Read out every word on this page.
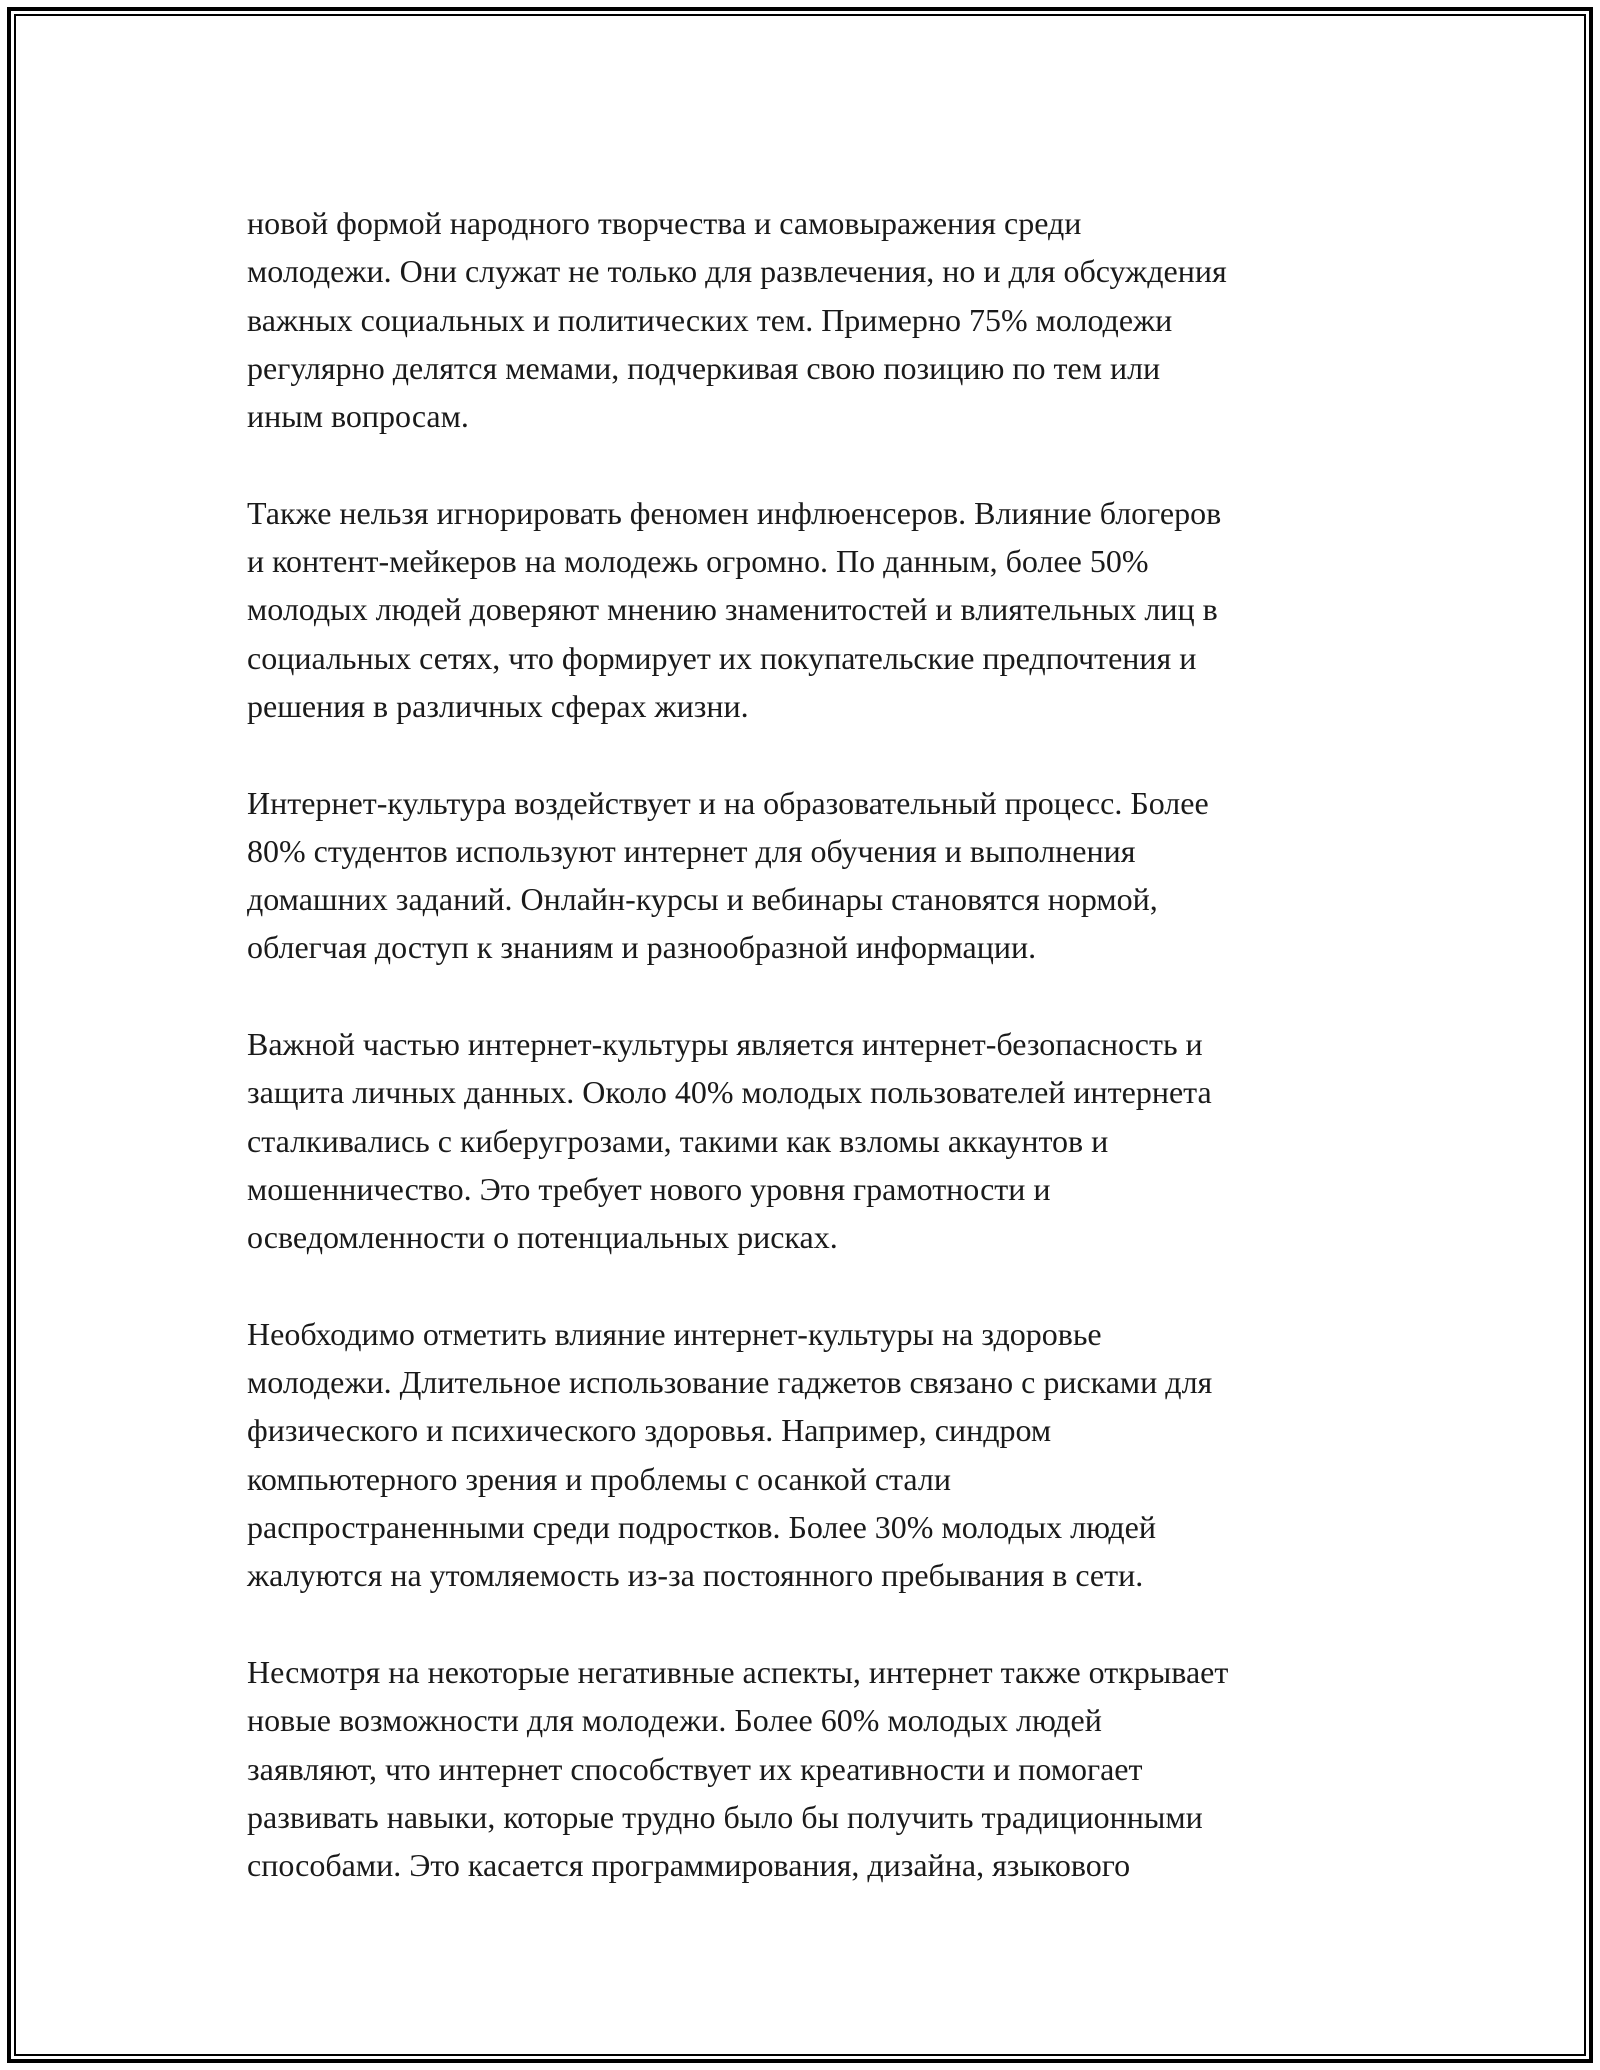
новой формой народного творчества и самовыражения среди
молодежи. Они служат не только для развлечения, но и для обсуждения
важных социальных и политических тем. Примерно 75% молодежи
регулярно делятся мемами, подчеркивая свою позицию по тем или
иным вопросам.

Также нельзя игнорировать феномен инфлюенсеров. Влияние блогеров
и контент-мейкеров на молодежь огромно. По данным, более 50%
молодых людей доверяют мнению знаменитостей и влиятельных лиц в
социальных сетях, что формирует их покупательские предпочтения и
решения в различных сферах жизни.

Интернет-культура воздействует и на образовательный процесс. Более
80% студентов используют интернет для обучения и выполнения
домашних заданий. Онлайн-курсы и вебинары становятся нормой,
облегчая доступ к знаниям и разнообразной информации.

Важной частью интернет-культуры является интернет-безопасность и
защита личных данных. Около 40% молодых пользователей интернета
сталкивались с киберугрозами, такими как взломы аккаунтов и
мошенничество. Это требует нового уровня грамотности и
осведомленности о потенциальных рисках.

Необходимо отметить влияние интернет-культуры на здоровье
молодежи. Длительное использование гаджетов связано с рисками для
физического и психического здоровья. Например, синдром
компьютерного зрения и проблемы с осанкой стали
распространенными среди подростков. Более 30% молодых людей
жалуются на утомляемость из-за постоянного пребывания в сети.

Несмотря на некоторые негативные аспекты, интернет также открывает
новые возможности для молодежи. Более 60% молодых людей
заявляют, что интернет способствует их креативности и помогает
развивать навыки, которые трудно было бы получить традиционными
способами. Это касается программирования, дизайна, языкового
